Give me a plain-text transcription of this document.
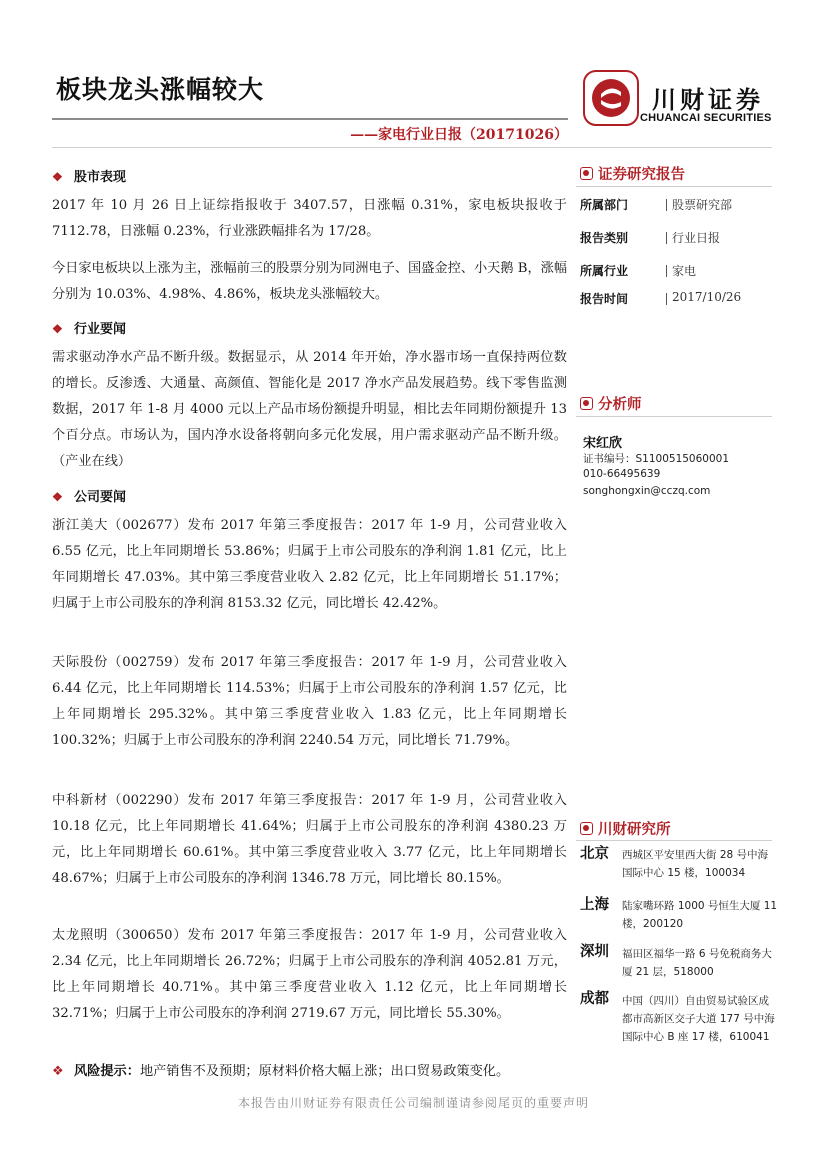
板块龙头涨幅较大
——家电行业日报（20171026）
川财证券
CHUANCAI SECURITIES
❖ 股市表现

2017 年 10 月 26 日上证综指报收于 3407.57，日涨幅 0.31%，家电板块报收于 7112.78，日涨幅 0.23%，行业涨跌幅排名为 17/28。

今日家电板块以上涨为主，涨幅前三的股票分别为同洲电子、国盛金控、小天鹅 B，涨幅分别为 10.03%、4.98%、4.86%，板块龙头涨幅较大。

❖ 行业要闻

需求驱动净水产品不断升级。数据显示，从 2014 年开始，净水器市场一直保持两位数的增长。反渗透、大通量、高颜值、智能化是 2017 净水产品发展趋势。线下零售监测数据，2017 年 1-8 月 4000 元以上产品市场份额提升明显，相比去年同期份额提升 13 个百分点。市场认为，国内净水设备将朝向多元化发展，用户需求驱动产品不断升级。（产业在线）

❖ 公司要闻

浙江美大（002677）发布 2017 年第三季度报告：2017 年 1-9 月，公司营业收入 6.55 亿元，比上年同期增长 53.86%；归属于上市公司股东的净利润 1.81 亿元，比上年同期增长 47.03%。其中第三季度营业收入 2.82 亿元，比上年同期增长 51.17%；归属于上市公司股东的净利润 8153.32 亿元，同比增长 42.42%。

天际股份（002759）发布 2017 年第三季度报告：2017 年 1-9 月，公司营业收入 6.44 亿元，比上年同期增长 114.53%；归属于上市公司股东的净利润 1.57 亿元，比上年同期增长 295.32%。其中第三季度营业收入 1.83 亿元，比上年同期增长 100.32%；归属于上市公司股东的净利润 2240.54 万元，同比增长 71.79%。

中科新材（002290）发布 2017 年第三季度报告：2017 年 1-9 月，公司营业收入 10.18 亿元，比上年同期增长 41.64%；归属于上市公司股东的净利润 4380.23 万元，比上年同期增长 60.61%。其中第三季度营业收入 3.77 亿元，比上年同期增长 48.67%；归属于上市公司股东的净利润 1346.78 万元，同比增长 80.15%。

太龙照明（300650）发布 2017 年第三季度报告：2017 年 1-9 月，公司营业收入 2.34 亿元，比上年同期增长 26.72%；归属于上市公司股东的净利润 4052.81 万元，比上年同期增长 40.71%。其中第三季度营业收入 1.12 亿元，比上年同期增长 32.71%；归属于上市公司股东的净利润 2719.67 万元，同比增长 55.30%。

❖ 风险提示：地产销售不及预期；原材料价格大幅上涨；出口贸易政策变化。
本报告由川财证券有限责任公司编制谨请参阅尾页的重要声明
证券研究报告
所属部门	股票研究部
报告类别	行业日报
所属行业	家电
报告时间	2017/10/26
分析师
宋红欣
证书编号：S1100515060001
010-66495639
songhongxin@cczq.com
川财研究所
北京 西城区平安里西大街 28 号中海国际中心 15 楼，100034
上海 陆家嘴环路 1000 号恒生大厦 11 楼，200120
深圳 福田区福华一路 6 号免税商务大厦 21 层，518000
成都 中国（四川）自由贸易试验区成都市高新区交子大道 177 号中海国际中心 B 座 17 楼，610041
